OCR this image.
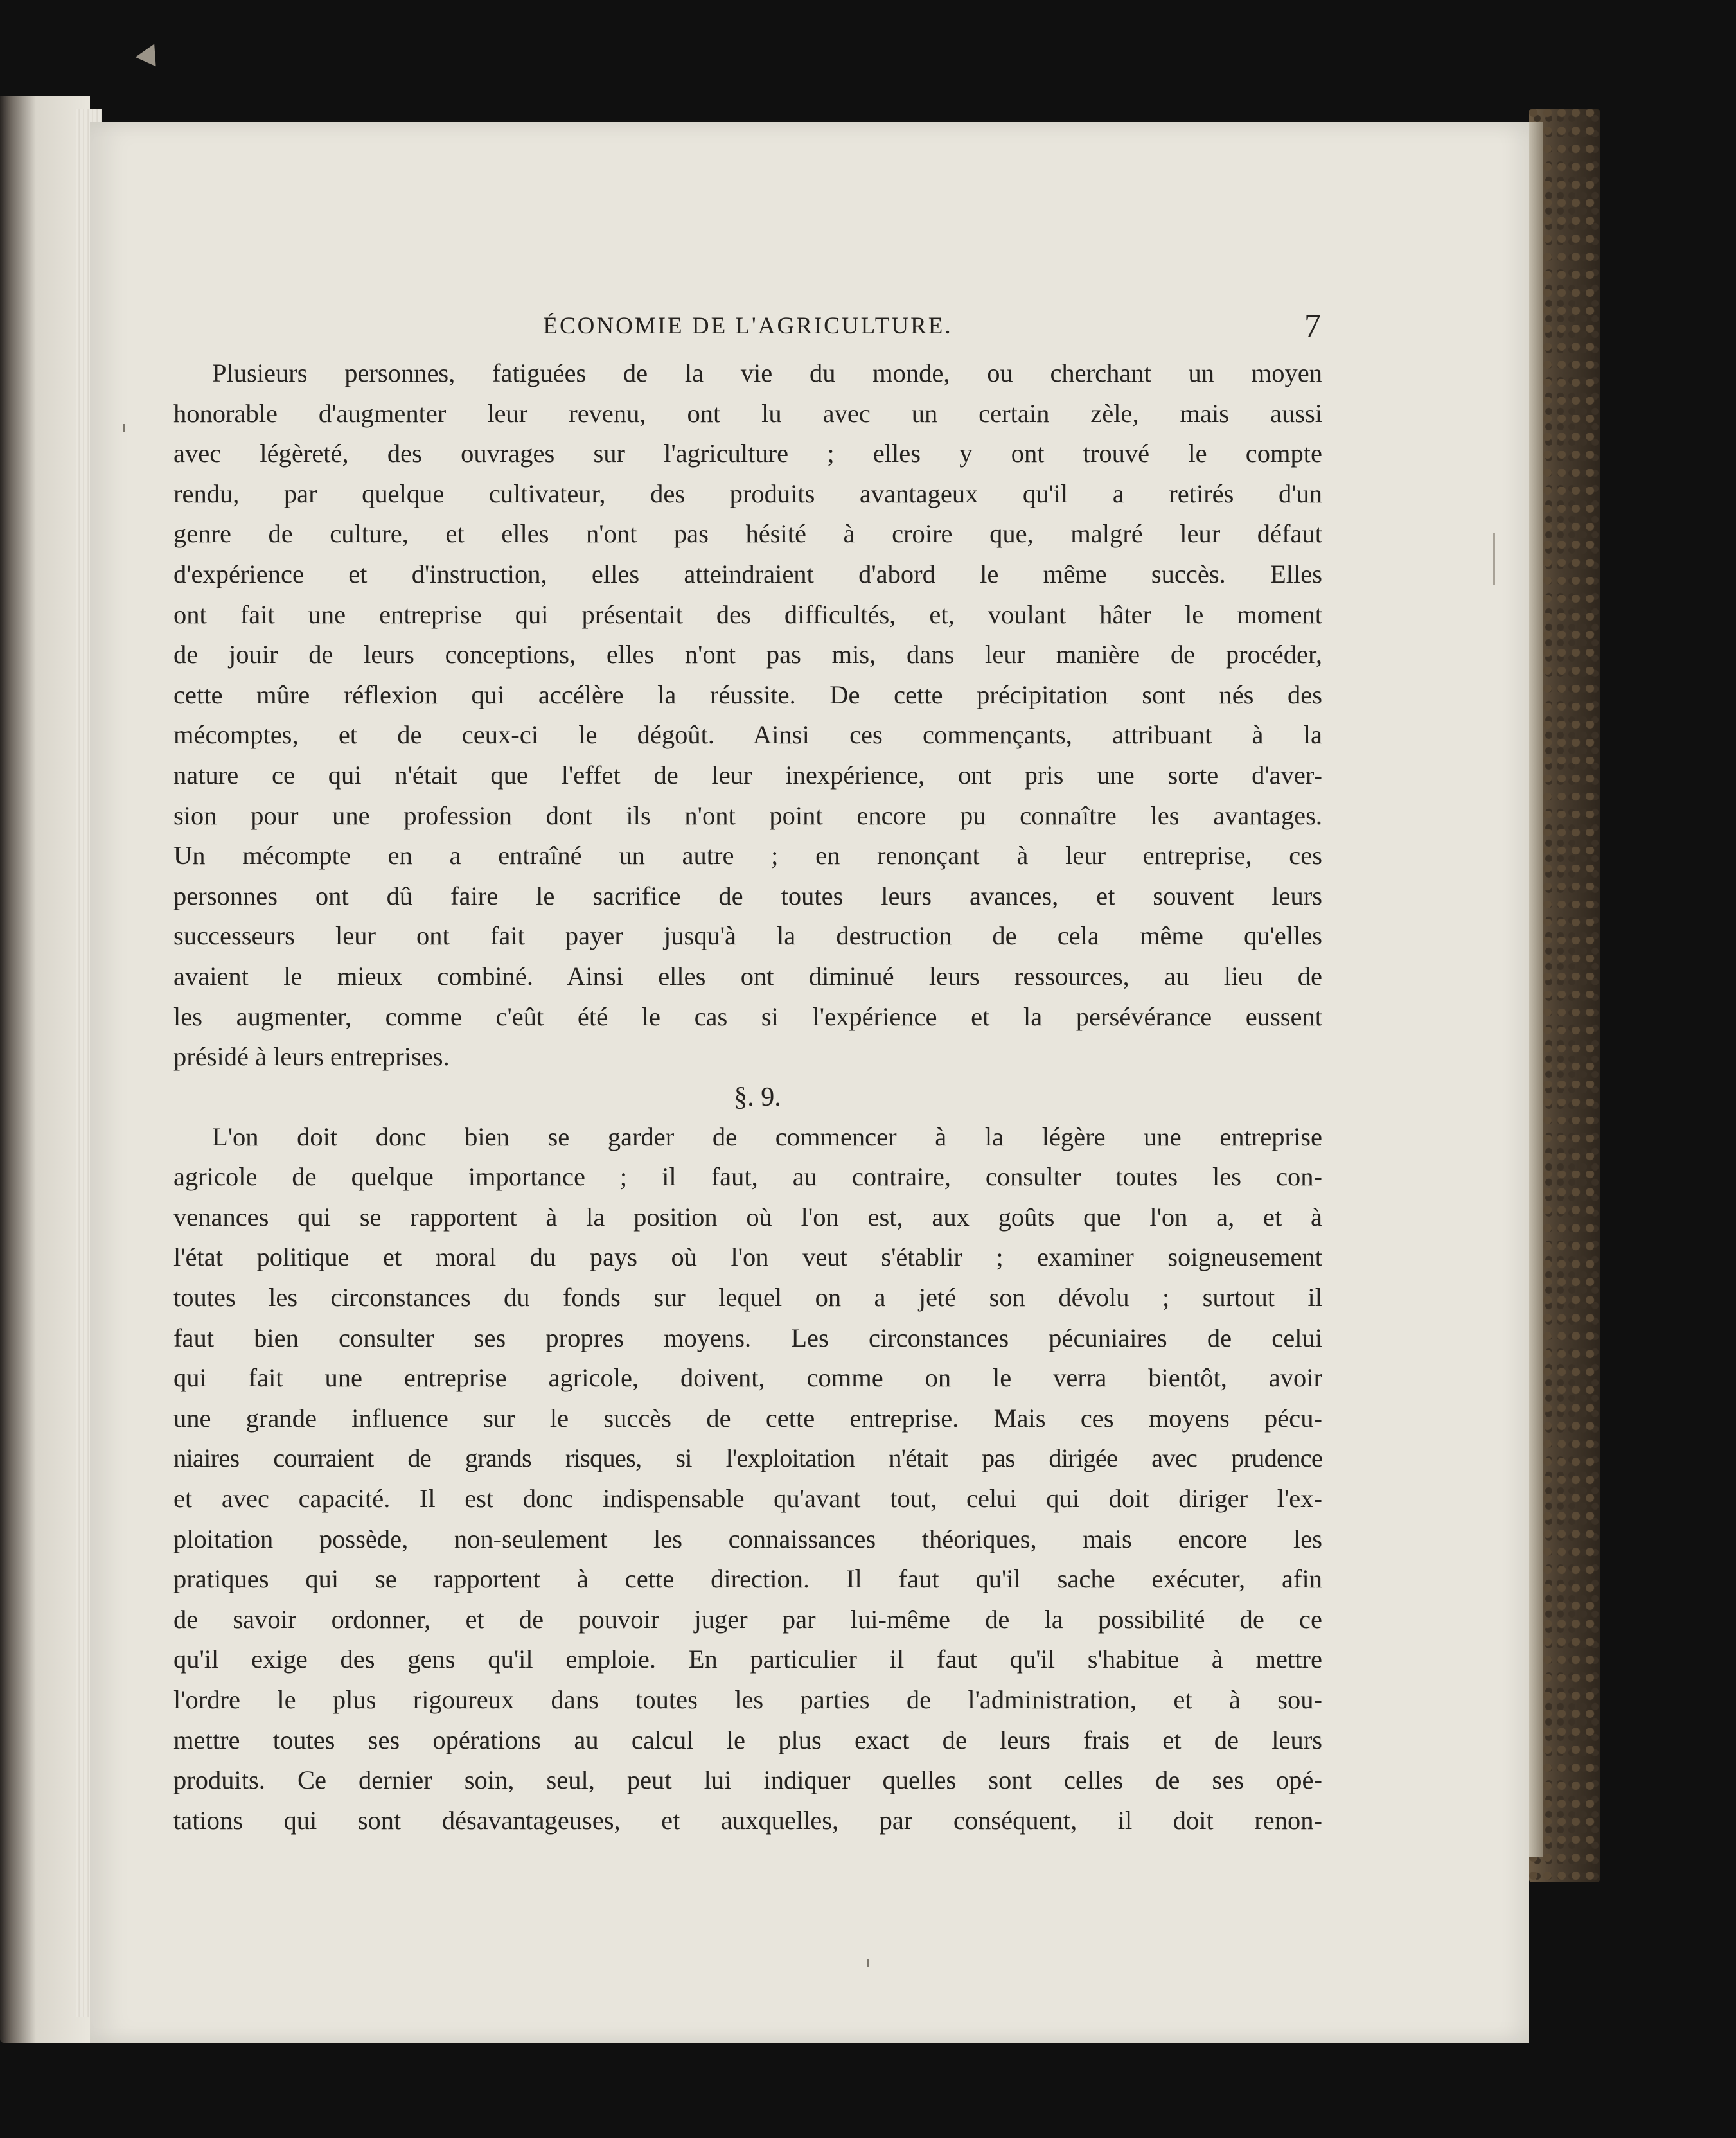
ÉCONOMIE DE L'AGRICULTURE.	7

Plusieurs personnes, fatiguées de la vie du monde, ou cherchant un moyen
honorable d'augmenter leur revenu, ont lu avec un certain zèle, mais aussi
avec légèreté, des ouvrages sur l'agriculture ; elles y ont trouvé le compte
rendu, par quelque cultivateur, des produits avantageux qu'il a retirés d'un
genre de culture, et elles n'ont pas hésité à croire que, malgré leur défaut
d'expérience et d'instruction, elles atteindraient d'abord le même succès. Elles
ont fait une entreprise qui présentait des difficultés, et, voulant hâter le moment
de jouir de leurs conceptions, elles n'ont pas mis, dans leur manière de procéder,
cette mûre réflexion qui accélère la réussite. De cette précipitation sont nés des
mécomptes, et de ceux-ci le dégoût. Ainsi ces commençants, attribuant à la
nature ce qui n'était que l'effet de leur inexpérience, ont pris une sorte d'aver-
sion pour une profession dont ils n'ont point encore pu connaître les avantages.
Un mécompte en a entraîné un autre ; en renonçant à leur entreprise, ces
personnes ont dû faire le sacrifice de toutes leurs avances, et souvent leurs
successeurs leur ont fait payer jusqu'à la destruction de cela même qu'elles
avaient le mieux combiné. Ainsi elles ont diminué leurs ressources, au lieu de
les augmenter, comme c'eût été le cas si l'expérience et la persévérance eussent
présidé à leurs entreprises.

§. 9.

L'on doit donc bien se garder de commencer à la légère une entreprise
agricole de quelque importance ; il faut, au contraire, consulter toutes les con-
venances qui se rapportent à la position où l'on est, aux goûts que l'on a, et à
l'état politique et moral du pays où l'on veut s'établir ; examiner soigneusement
toutes les circonstances du fonds sur lequel on a jeté son dévolu ; surtout il
faut bien consulter ses propres moyens. Les circonstances pécuniaires de celui
qui fait une entreprise agricole, doivent, comme on le verra bientôt, avoir
une grande influence sur le succès de cette entreprise. Mais ces moyens pécu-
niaires courraient de grands risques, si l'exploitation n'était pas dirigée avec prudence
et avec capacité. Il est donc indispensable qu'avant tout, celui qui doit diriger l'ex-
ploitation possède, non-seulement les connaissances théoriques, mais encore les
pratiques qui se rapportent à cette direction. Il faut qu'il sache exécuter, afin
de savoir ordonner, et de pouvoir juger par lui-même de la possibilité de ce
qu'il exige des gens qu'il emploie. En particulier il faut qu'il s'habitue à mettre
l'ordre le plus rigoureux dans toutes les parties de l'administration, et à sou-
mettre toutes ses opérations au calcul le plus exact de leurs frais et de leurs
produits. Ce dernier soin, seul, peut lui indiquer quelles sont celles de ses opé-
tations qui sont désavantageuses, et auxquelles, par conséquent, il doit renon-
